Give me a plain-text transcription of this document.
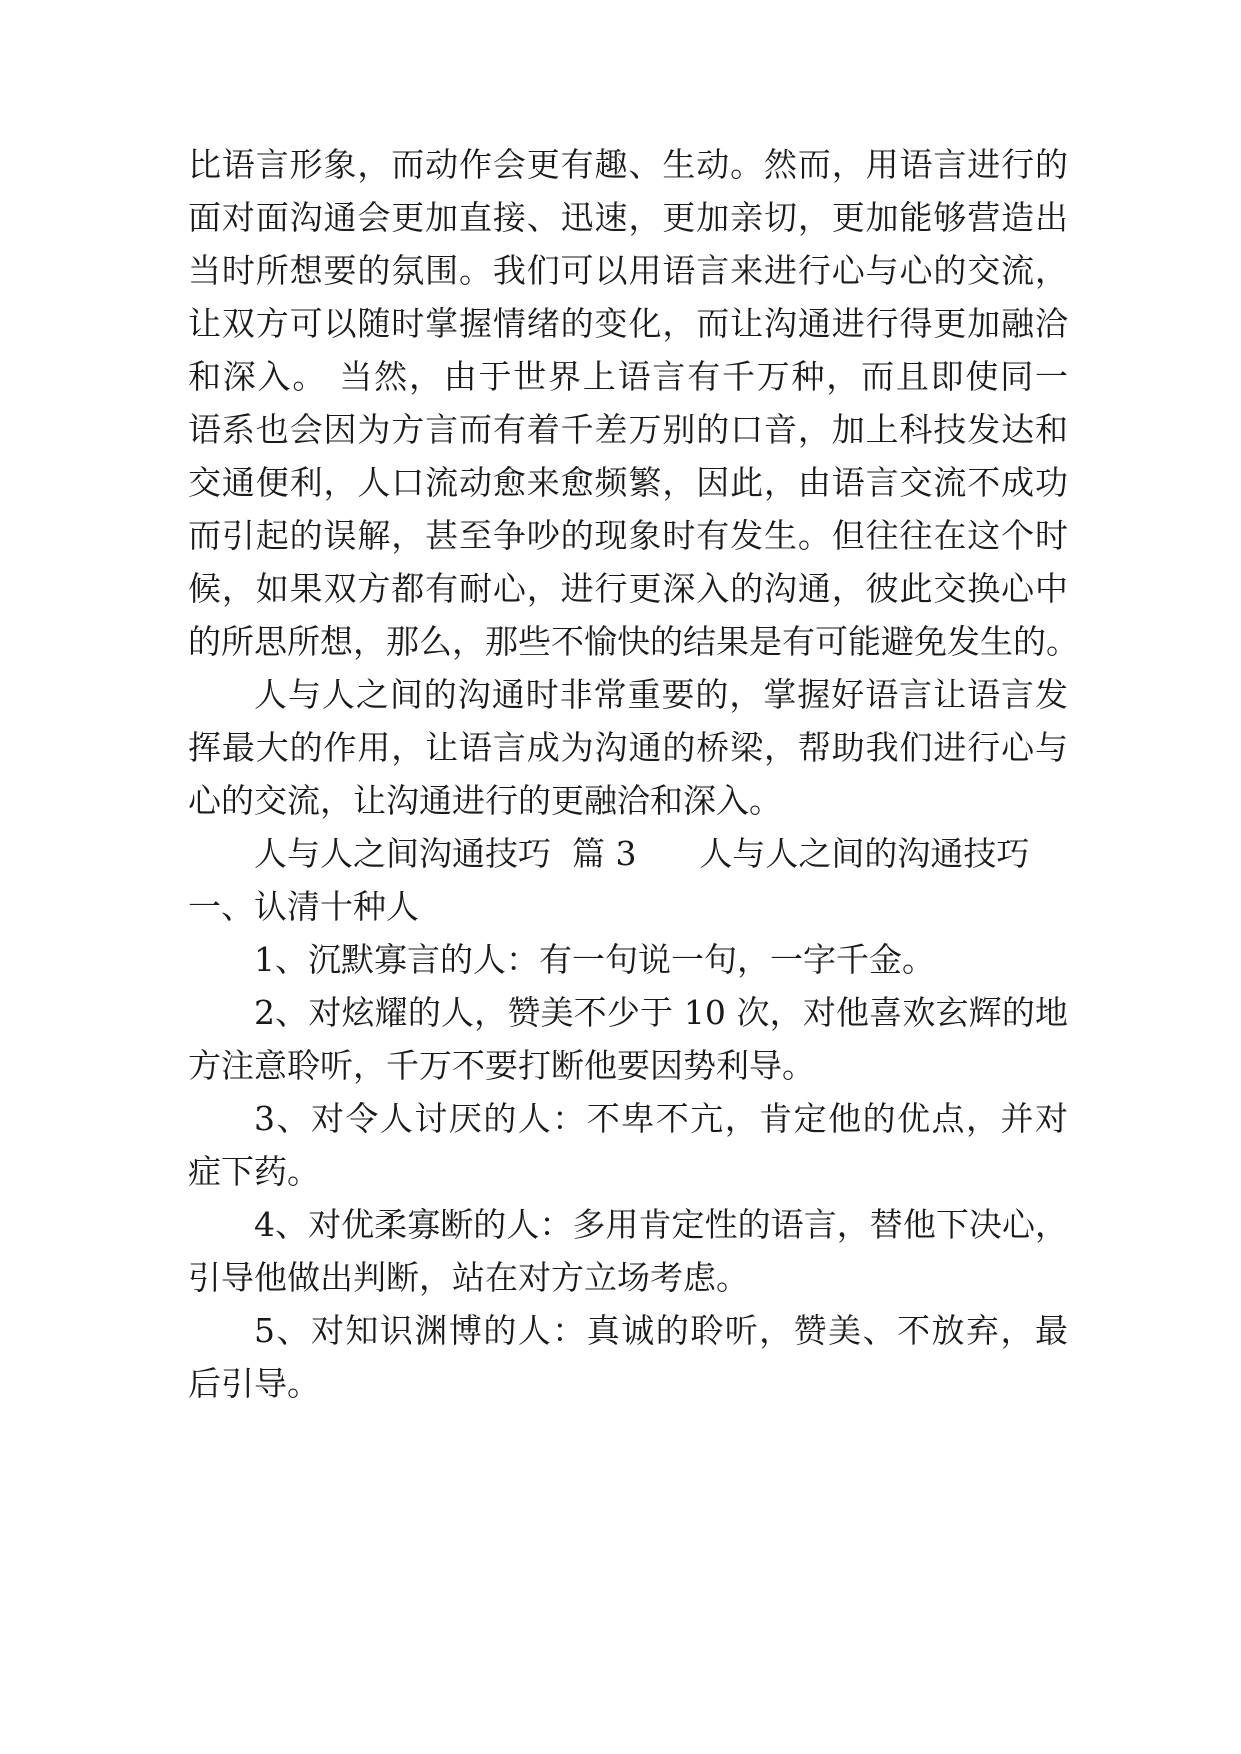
比语言形象，而动作会更有趣、生动。然而，用语言进行的
面对面沟通会更加直接、迅速，更加亲切，更加能够营造出
当时所想要的氛围。我们可以用语言来进行心与心的交流，
让双方可以随时掌握情绪的变化，而让沟通进行得更加融洽
和深入。 当然，由于世界上语言有千万种，而且即使同一
语系也会因为方言而有着千差万别的口音，加上科技发达和
交通便利，人口流动愈来愈频繁，因此，由语言交流不成功
而引起的误解，甚至争吵的现象时有发生。但往往在这个时
候，如果双方都有耐心，进行更深入的沟通，彼此交换心中
的所思所想，那么，那些不愉快的结果是有可能避免发生的。
人与人之间的沟通时非常重要的，掌握好语言让语言发
挥最大的作用，让语言成为沟通的桥梁，帮助我们进行心与
心的交流，让沟通进行的更融洽和深入。
人与人之间沟通技巧  篇 3      人与人之间的沟通技巧
一、认清十种人
1、沉默寡言的人：有一句说一句，一字千金。
2、对炫耀的人，赞美不少于 10 次，对他喜欢玄辉的地
方注意聆听，千万不要打断他要因势利导。
3、对令人讨厌的人：不卑不亢，肯定他的优点，并对
症下药。
4、对优柔寡断的人：多用肯定性的语言，替他下决心，
引导他做出判断，站在对方立场考虑。
5、对知识渊博的人：真诚的聆听，赞美、不放弃，最
后引导。
